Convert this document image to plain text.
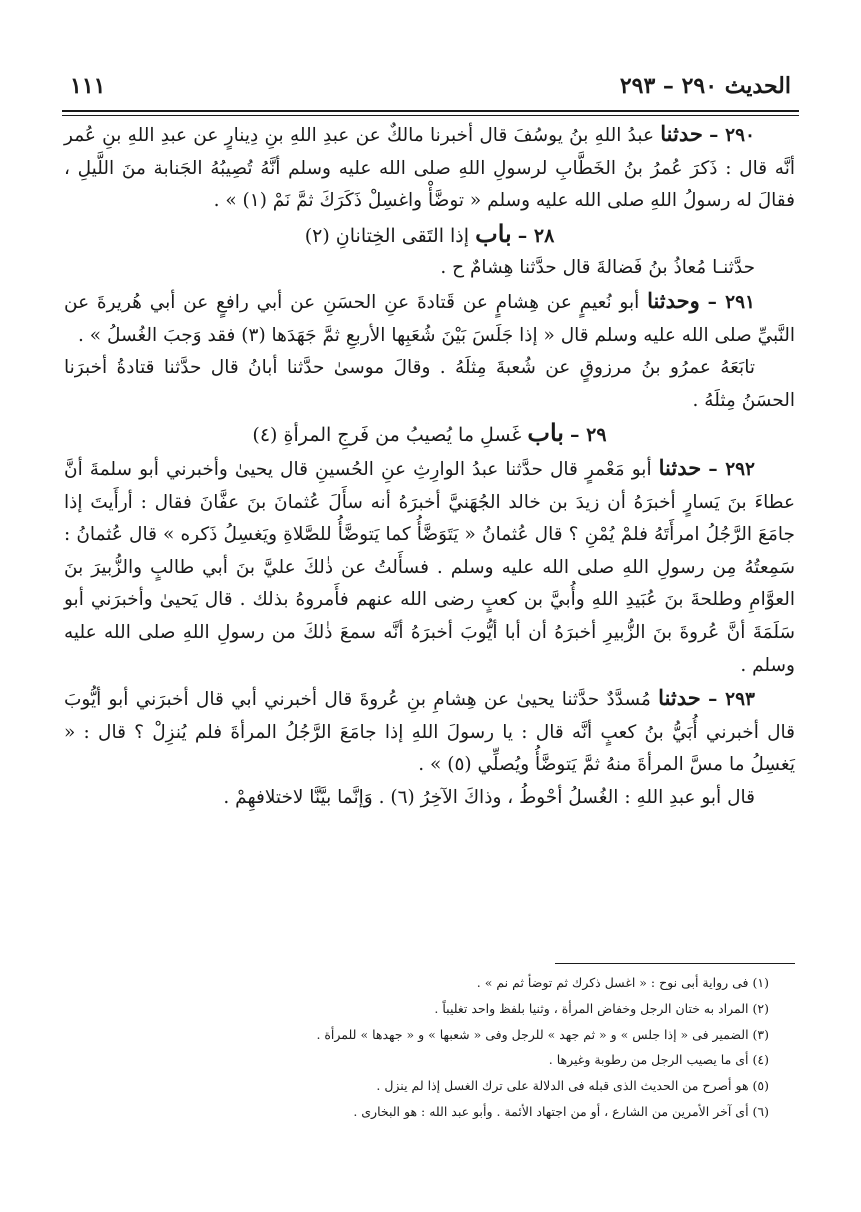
الحديث ٢٩٠ – ٢٩٣
١١١

٢٩٠ – حدثنا عبدُ اللهِ بنُ يوسُفَ قال أخبرنا مالكٌ عن عبدِ اللهِ بنِ دِينارٍ عن عبدِ اللهِ بنِ عُمر أنَّه قال : ذَكرَ عُمرُ بنُ الخَطَّابِ لرسولِ اللهِ صلى الله عليه وسلم أنَّهُ تُصِيبُهُ الجَنابة منَ اللَّيلِ ، فقالَ له رسولُ اللهِ صلى الله عليه وسلم « توضَّأْ واغسِلْ ذَكَرَكَ ثمَّ نَمْ (١) » .

٢٨ – باب إذا التَقى الخِتانانِ (٢)

حدَّثنـا مُعاذُ بنُ فَضالةَ قال حدَّثنا هِشامٌ ح .

٢٩١ – وحدثنا أبو نُعيمٍ عن هِشامٍ عن قَتادةَ عنِ الحسَنِ عن أبي رافعٍ عن أبي هُريرةَ عن النَّبيِّ صلى الله عليه وسلم قال « إذا جَلَسَ بَيْنَ شُعَبِها الأربعِ ثمَّ جَهَدَها (٣) فقد وَجبَ الغُسلُ » .

تابَعَهُ عمرُو بنُ مرزوقٍ عن شُعبةَ مِثلَهُ . وقالَ موسىٰ حدَّثنا أبانُ قال حدَّثنا قتادةُ أخبرَنا الحسَنُ مِثلَهُ .

٢٩ – باب غَسلِ ما يُصيبُ من فَرجِ المرأةِ (٤)

٢٩٢ – حدثنا أبو مَعْمرٍ قال حدَّثنا عبدُ الوارِثِ عنِ الحُسينِ قال يحيىٰ وأخبرني أبو سلمةَ أنَّ عطاءَ بنَ يَسارٍ أخبرَهُ أن زيدَ بن خالد الجُهَنيَّ أخبرَهُ أنه سأَلَ عُثمانَ بنَ عفَّانَ فقال : أرأَيتَ إذا جامَعَ الرَّجُلُ امرأَتَهُ فلمْ يُمْنِ ؟ قال عُثمانُ « يَتَوَضَّأُ كما يَتوضَّأُ للصَّلاةِ ويَغسِلُ ذَكره » قال عُثمانُ : سَمِعتُهُ مِن رسولِ اللهِ صلى الله عليه وسلم . فسأَلتُ عن ذٰلكَ عليَّ بنَ أبي طالبٍ والزُّبيرَ بنَ العوَّامِ وطلحةَ بنَ عُبَيدِ اللهِ وأُبيَّ بن كعبٍ رضى الله عنهم فأَمروهُ بذلك . قال يَحيىٰ وأخبرَني أبو سَلَمَةَ أنَّ عُروةَ بنَ الزُّبيرِ أخبرَهُ أن أبا أيُّوبَ أخبرَهُ أنَّه سمعَ ذٰلكَ من رسولِ اللهِ صلى الله عليه وسلم .

٢٩٣ – حدثنا مُسدَّدٌ حدَّثنا يحيىٰ عن هِشامِ بنِ عُروةَ قال أخبرني أبي قال أخبرَني أبو أيُّوبَ قال أخبرني أُبَيُّ بنُ كعبٍ أنَّه قال : يا رسولَ اللهِ إذا جامَعَ الرَّجُلُ المرأةَ فلم يُنزِلْ ؟ قال : « يَغسِلُ ما مسَّ المرأةَ منهُ ثمَّ يَتوضَّأُ ويُصلِّي (٥) » .

قال أبو عبدِ اللهِ : الغُسلُ أحْوطُ ، وذاكَ الآخِرُ (٦) . وَإنَّما بيَّنَّا لاختلافهِمْ .

(١) فى رواية أبى نوح : « اغسل ذكرك ثم توضأ ثم نم » .
(٢) المراد به ختان الرجل وخفاض المرأة ، وثنيا بلفظ واحد تغليباً .
(٣) الضمير فى « إذا جلس » و « ثم جهد » للرجل وفى « شعبها » و « جهدها » للمرأة .
(٤) أى ما يصيب الرجل من رطوبة وغيرها .
(٥) هو أصرح من الحديث الذى قبله فى الدلالة على ترك الغسل إذا لم ينزل .
(٦) أى آخر الأمرين من الشارع ، أو من اجتهاد الأئمة . وأبو عبد الله : هو البخارى .
